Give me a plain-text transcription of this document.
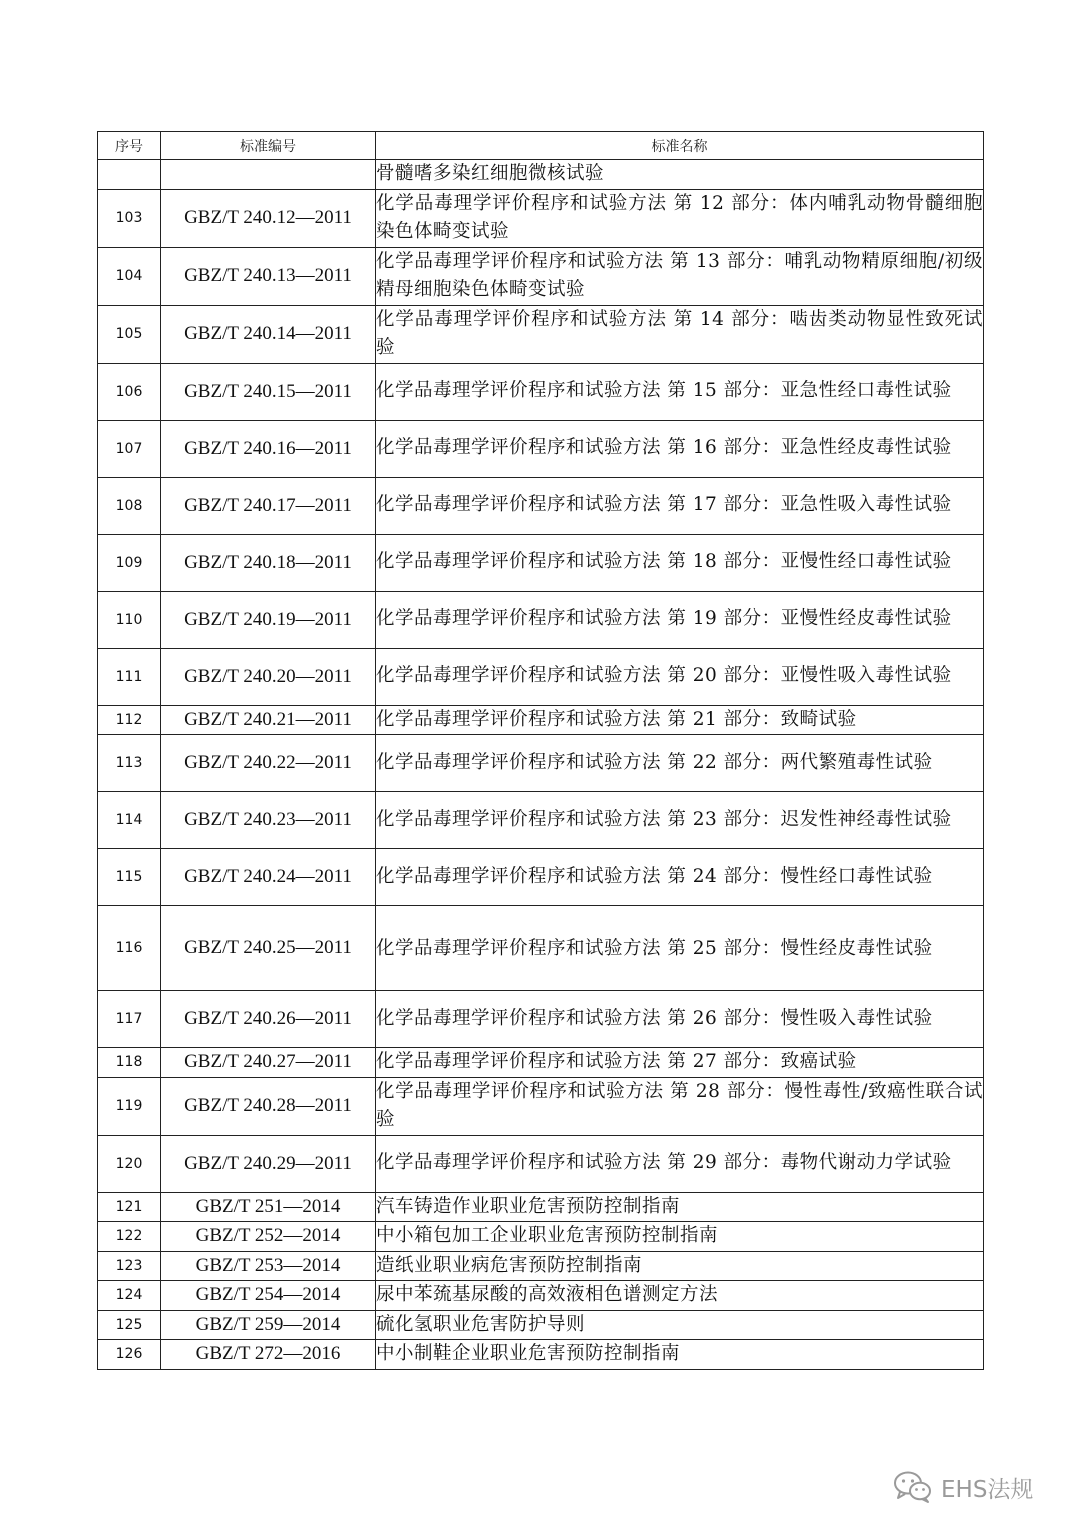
序号	标准编号	标准名称
		骨髓嗜多染红细胞微核试验
103	GBZ/T 240.12—2011	化学品毒理学评价程序和试验方法 第 12 部分：体内哺乳动物骨髓细胞染色体畸变试验
104	GBZ/T 240.13—2011	化学品毒理学评价程序和试验方法 第 13 部分：哺乳动物精原细胞/初级精母细胞染色体畸变试验
105	GBZ/T 240.14—2011	化学品毒理学评价程序和试验方法 第 14 部分：啮齿类动物显性致死试验
106	GBZ/T 240.15—2011	化学品毒理学评价程序和试验方法 第 15 部分：亚急性经口毒性试验
107	GBZ/T 240.16—2011	化学品毒理学评价程序和试验方法 第 16 部分：亚急性经皮毒性试验
108	GBZ/T 240.17—2011	化学品毒理学评价程序和试验方法 第 17 部分：亚急性吸入毒性试验
109	GBZ/T 240.18—2011	化学品毒理学评价程序和试验方法 第 18 部分：亚慢性经口毒性试验
110	GBZ/T 240.19—2011	化学品毒理学评价程序和试验方法 第 19 部分：亚慢性经皮毒性试验
111	GBZ/T 240.20—2011	化学品毒理学评价程序和试验方法 第 20 部分：亚慢性吸入毒性试验
112	GBZ/T 240.21—2011	化学品毒理学评价程序和试验方法 第 21 部分：致畸试验
113	GBZ/T 240.22—2011	化学品毒理学评价程序和试验方法 第 22 部分：两代繁殖毒性试验
114	GBZ/T 240.23—2011	化学品毒理学评价程序和试验方法 第 23 部分：迟发性神经毒性试验
115	GBZ/T 240.24—2011	化学品毒理学评价程序和试验方法 第 24 部分：慢性经口毒性试验
116	GBZ/T 240.25—2011	化学品毒理学评价程序和试验方法 第 25 部分：慢性经皮毒性试验
117	GBZ/T 240.26—2011	化学品毒理学评价程序和试验方法 第 26 部分：慢性吸入毒性试验
118	GBZ/T 240.27—2011	化学品毒理学评价程序和试验方法 第 27 部分：致癌试验
119	GBZ/T 240.28—2011	化学品毒理学评价程序和试验方法 第 28 部分：慢性毒性/致癌性联合试验
120	GBZ/T 240.29—2011	化学品毒理学评价程序和试验方法 第 29 部分：毒物代谢动力学试验
121	GBZ/T 251—2014	汽车铸造作业职业危害预防控制指南
122	GBZ/T 252—2014	中小箱包加工企业职业危害预防控制指南
123	GBZ/T 253—2014	造纸业职业病危害预防控制指南
124	GBZ/T 254—2014	尿中苯巯基尿酸的高效液相色谱测定方法
125	GBZ/T 259—2014	硫化氢职业危害防护导则
126	GBZ/T 272—2016	中小制鞋企业职业危害预防控制指南
EHS法规
